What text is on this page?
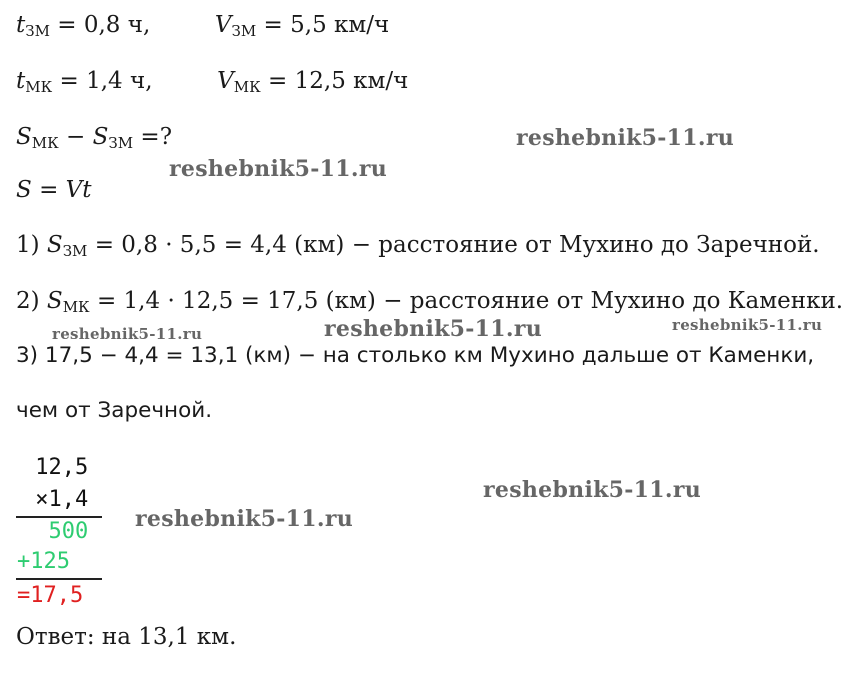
$t_{ЗМ} = 0,8$ ч,	$V_{ЗМ} = 5,5$ км/ч
$t_{МК} = 1,4$ ч,	$V_{МК} = 12,5$ км/ч
$S_{МК} - S_{ЗМ}$ =?
S = Vt
1) $S_{ЗМ} = 0,8 \cdot 5,5 = 4,4$ (км) − расстояние от Мухино до Заречной.
2) $S_{МК} = 1,4 \cdot 12,5 = 17,5$ (км) − расстояние от Мухино до Каменки.
3) 17,5 − 4,4 = 13,1 (км) − на столько км Мухино дальше от Каменки,
чем от Заречной.
12,5
×1,4
500
+125
=17,5
Ответ: на 13,1 км.
reshebnik5-11.ru
reshebnik5-11.ru
reshebnik5-11.ru	reshebnik5-11.ru	reshebnik5-11.ru
reshebnik5-11.ru
reshebnik5-11.ru
